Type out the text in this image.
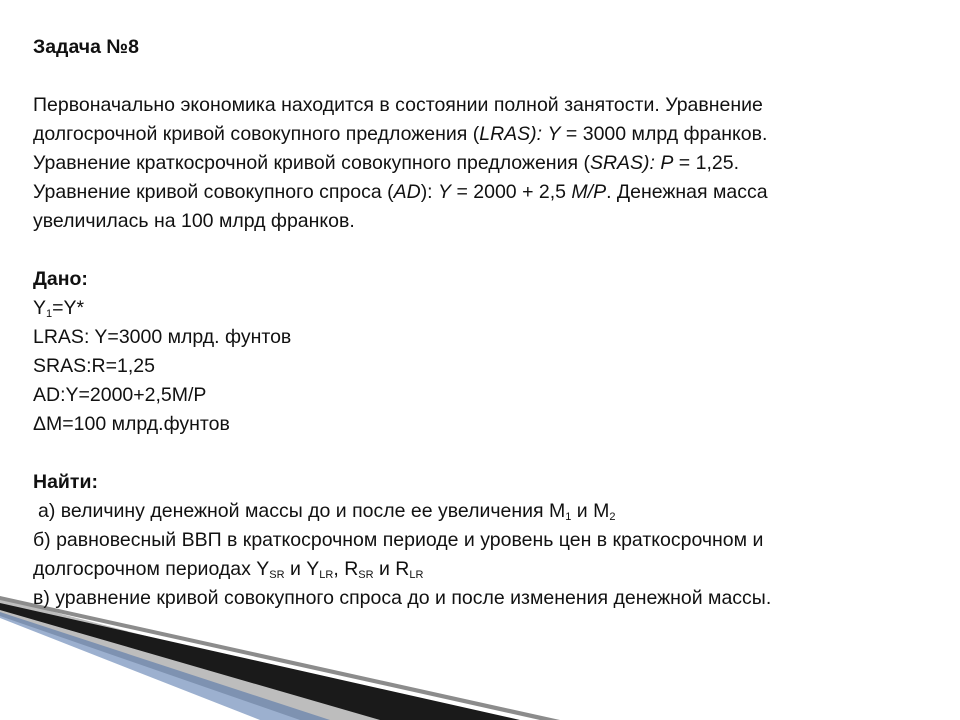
Задача №8
Первоначально экономика находится в состоянии полной занятости. Уравнение
долгосрочной кривой совокупного предложения (LRAS): Y = 3000 млрд франков.
Уравнение краткосрочной кривой совокупного предложения (SRAS): P = 1,25.
Уравнение кривой совокупного спроса (AD): Y = 2000 + 2,5 M/P. Денежная масса
увеличилась на 100 млрд франков.
Дано:
$Y_1=Y*$
LRAS: Y=3000 млрд. фунтов
SRAS:R=1,25
AD:Y=2000+2,5M/P
ΔM=100 млрд.фунтов
Найти:
а) величину денежной массы до и после ее увеличения $M_1$ и $M_2$
б) равновесный ВВП в краткосрочном периоде и уровень цен в краткосрочном и
долгосрочном периодах $Y_{SR}$ и $Y_{LR}$, $R_{SR}$ и $R_{LR}$
в) уравнение кривой совокупного спроса до и после изменения денежной массы.
